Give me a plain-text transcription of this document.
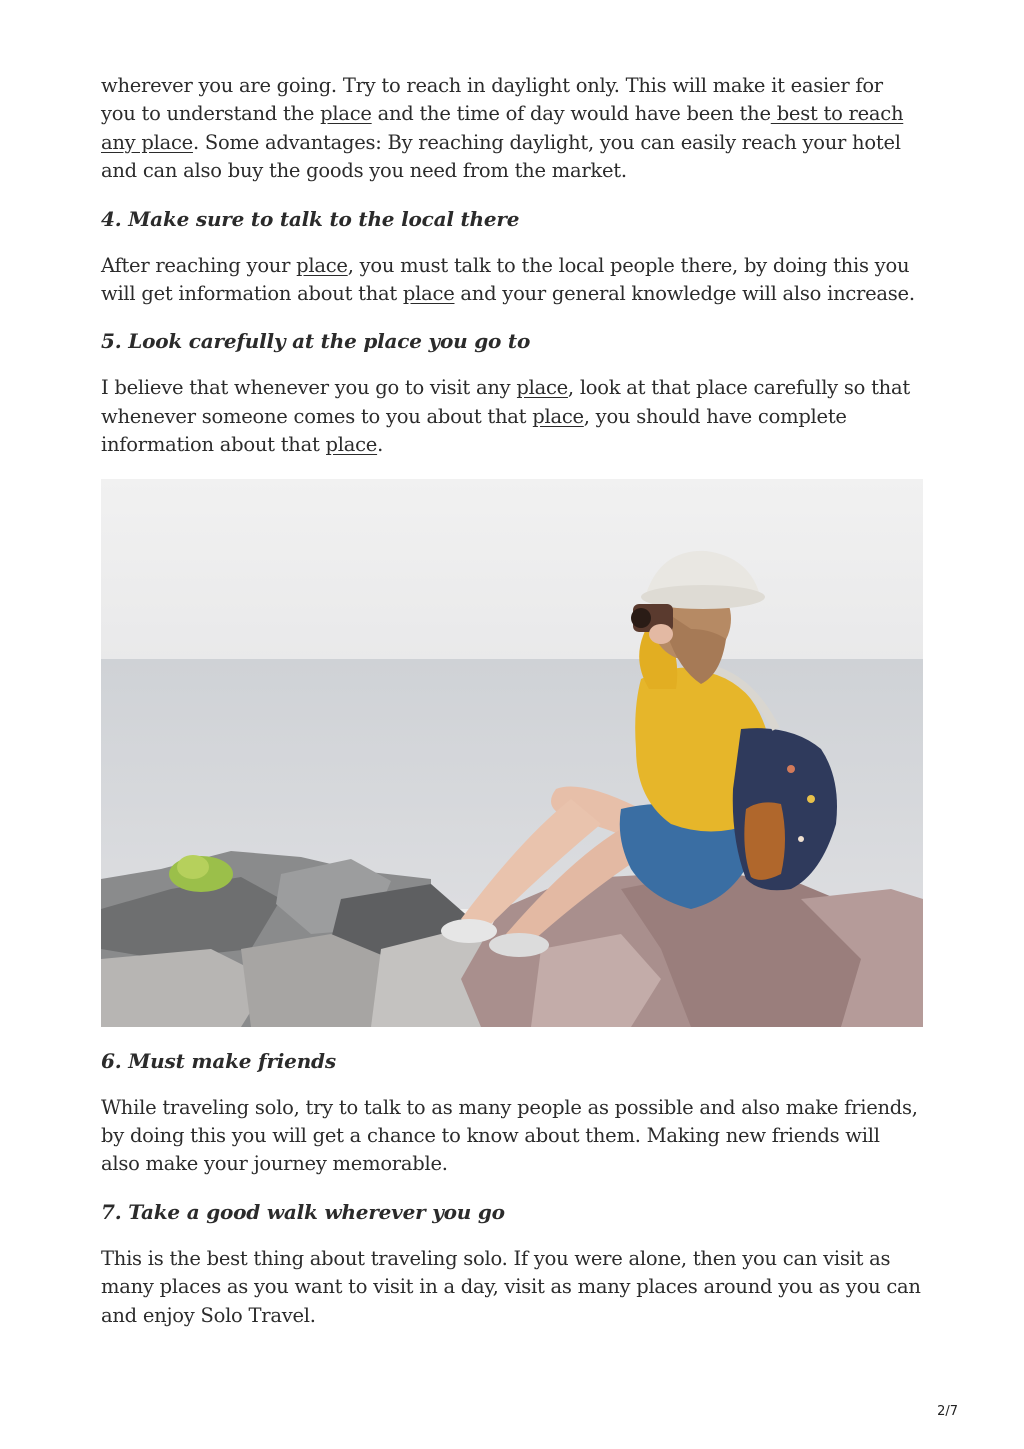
wherever you are going. Try to reach in daylight only. This will make it easier for you to understand the place and the time of day would have been the best to reach any place. Some advantages: By reaching daylight, you can easily reach your hotel and can also buy the goods you need from the market.

4. Make sure to talk to the local there

After reaching your place, you must talk to the local people there, by doing this you will get information about that place and your general knowledge will also increase.

5. Look carefully at the place you go to

I believe that whenever you go to visit any place, look at that place carefully so that whenever someone comes to you about that place, you should have complete information about that place.

6. Must make friends

While traveling solo, try to talk to as many people as possible and also make friends, by doing this you will get a chance to know about them. Making new friends will also make your journey memorable.

7. Take a good walk wherever you go

This is the best thing about traveling solo. If you were alone, then you can visit as many places as you want to visit in a day, visit as many places around you as you can and enjoy Solo Travel.

2/7
